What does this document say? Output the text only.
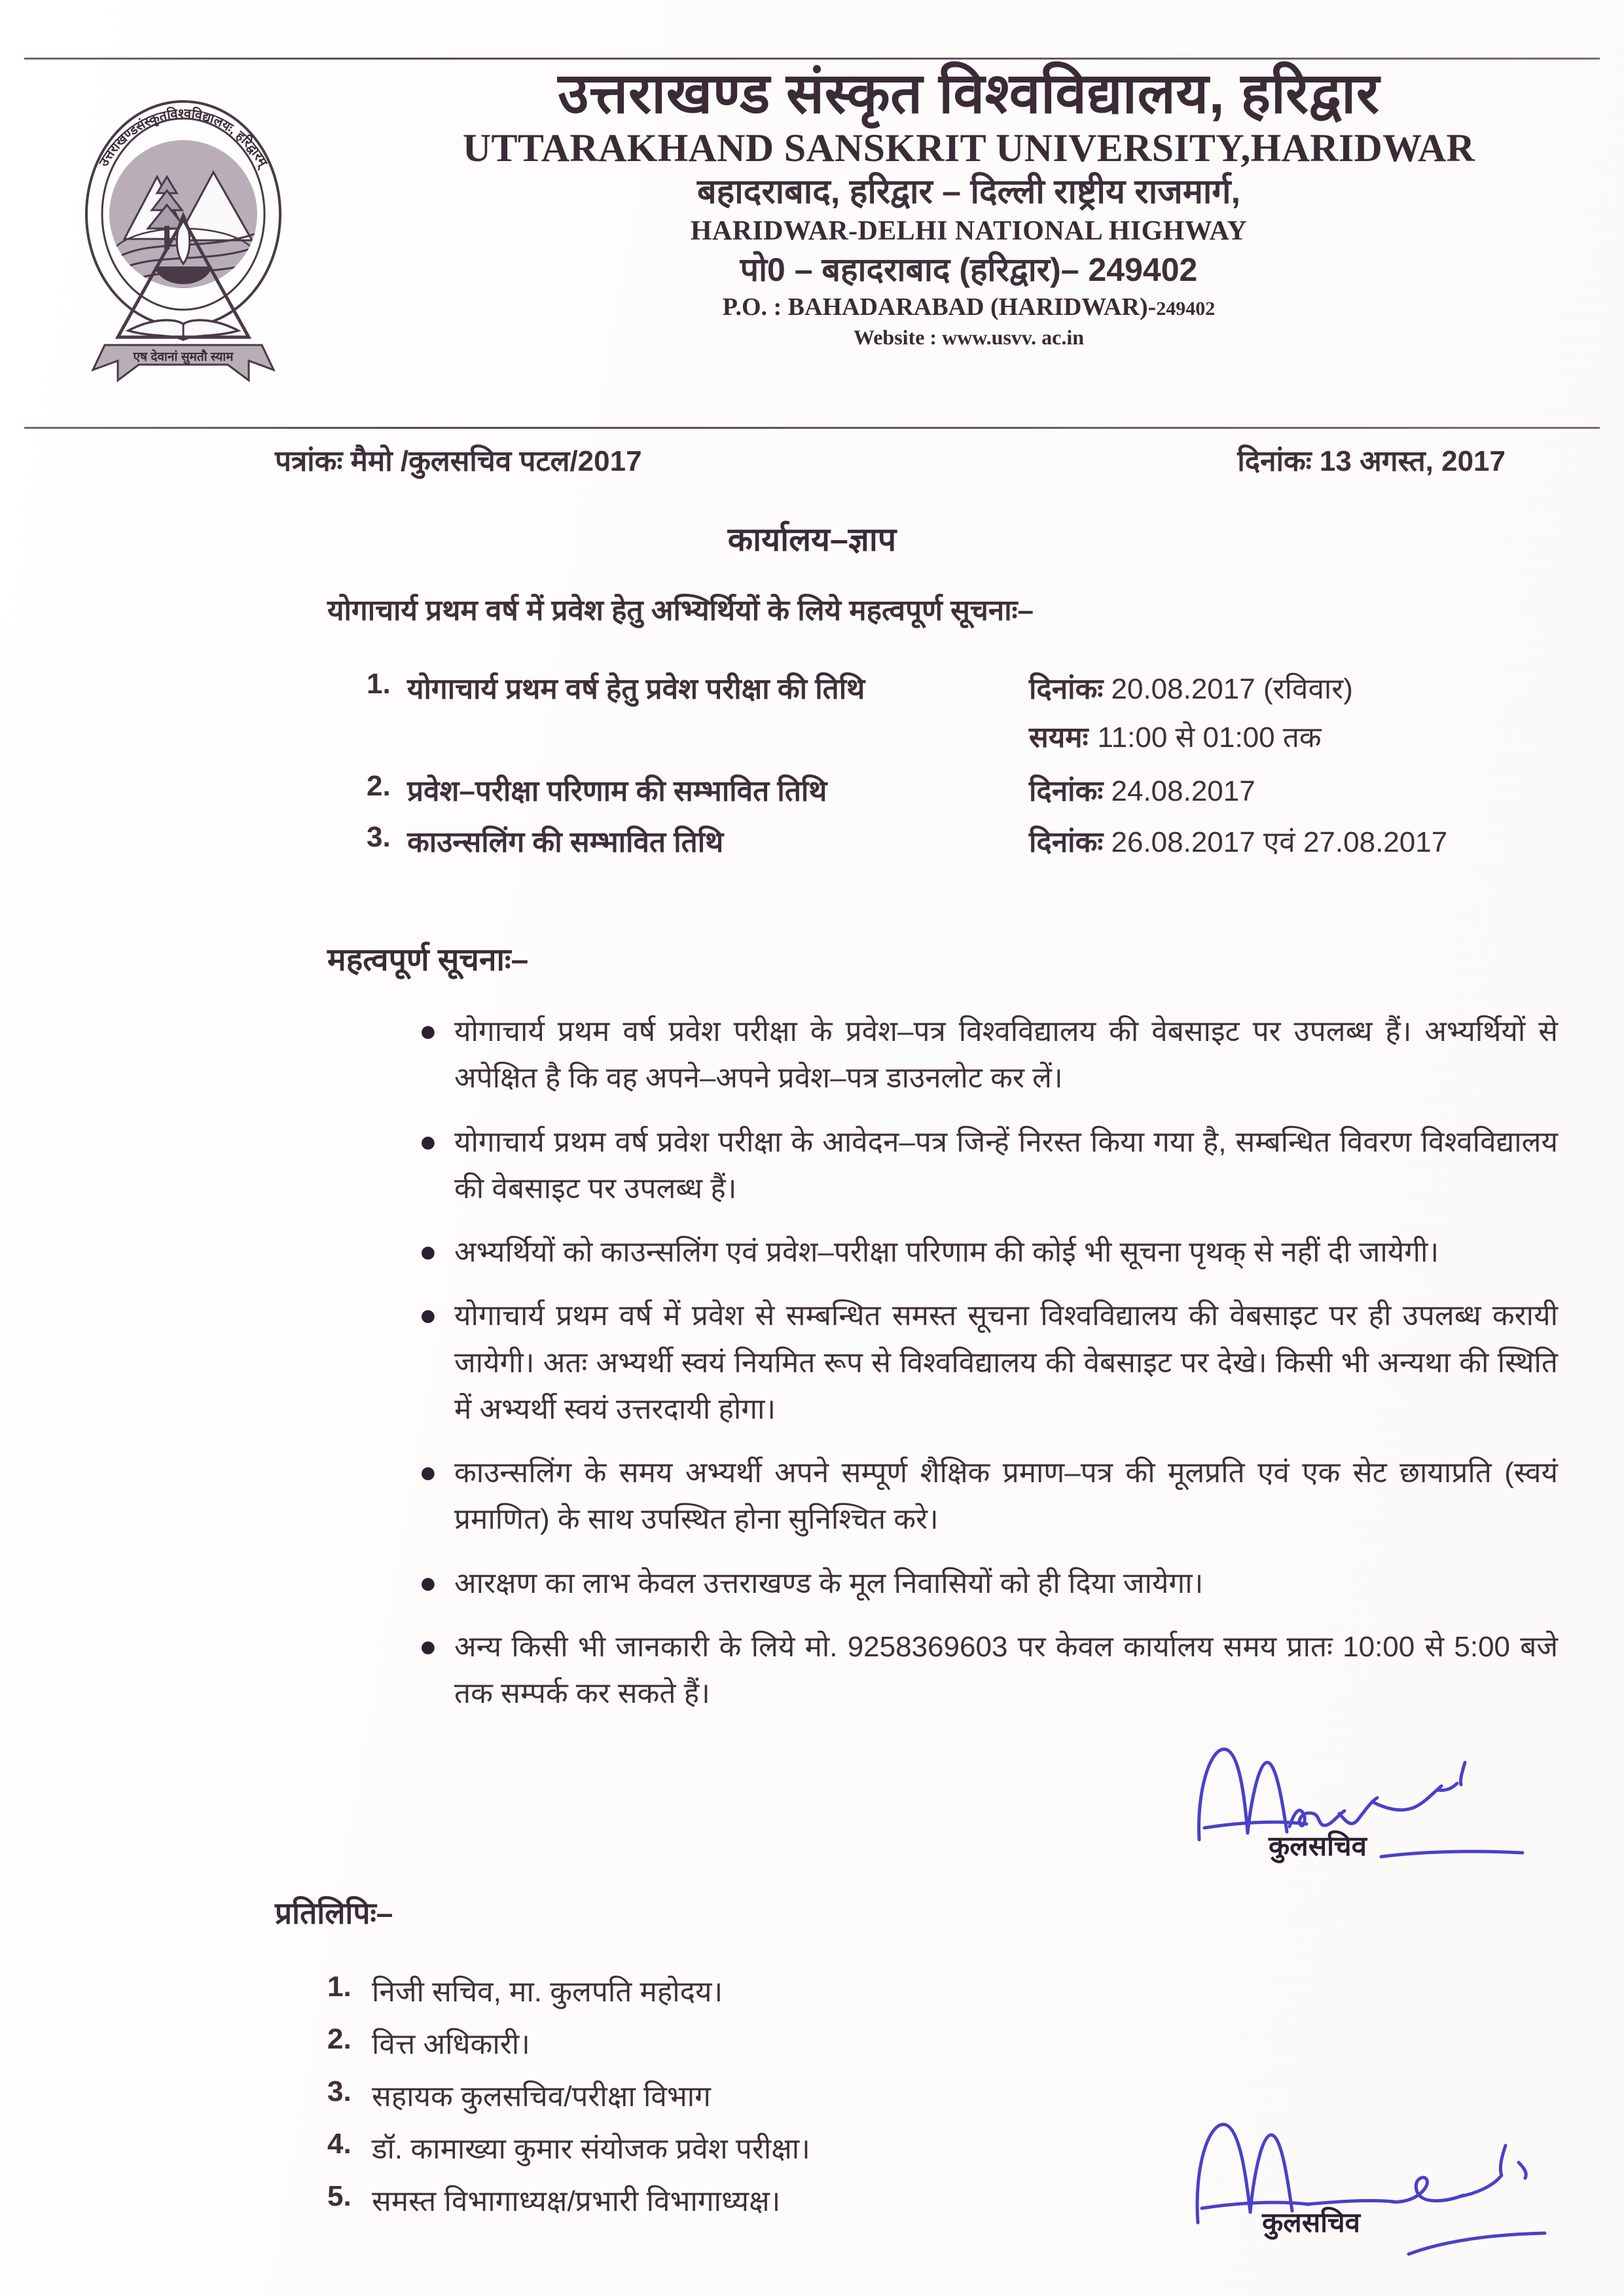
उत्तराखण्डसंस्कृतविश्वविद्यालयः, हरिद्वारम्
एष देवानां सुमतौ स्याम
उत्तराखण्ड संस्कृत विश्वविद्यालय, हरिद्वार
UTTARAKHAND SANSKRIT UNIVERSITY,HARIDWAR
बहादराबाद, हरिद्वार – दिल्ली राष्ट्रीय राजमार्ग,
HARIDWAR-DELHI NATIONAL HIGHWAY
पो0 – बहादराबाद (हरिद्वार)– 249402
P.O. : BAHADARABAD (HARIDWAR)-249402
Website : www.usvv. ac.in
पत्रांकः मैमो /कुलसचिव पटल/2017	दिनांकः 13 अगस्त, 2017
कार्यालय–ज्ञाप
योगाचार्य प्रथम वर्ष में प्रवेश हेतु अभ्यिर्थियों के लिये महत्वपूर्ण सूचनाः–
1. योगाचार्य प्रथम वर्ष हेतु प्रवेश परीक्षा की तिथि	दिनांकः 20.08.2017 (रविवार)
सयमः 11:00 से 01:00 तक
2. प्रवेश–परीक्षा परिणाम की सम्भावित तिथि	दिनांकः 24.08.2017
3. काउन्सलिंग की सम्भावित तिथि	दिनांकः 26.08.2017 एवं 27.08.2017
महत्वपूर्ण सूचनाः–
● योगाचार्य प्रथम वर्ष प्रवेश परीक्षा के प्रवेश–पत्र विश्वविद्यालय की वेबसाइट पर उपलब्ध हैं। अभ्यर्थियों से अपेक्षित है कि वह अपने–अपने प्रवेश–पत्र डाउनलोट कर लें।
● योगाचार्य प्रथम वर्ष प्रवेश परीक्षा के आवेदन–पत्र जिन्हें निरस्त किया गया है, सम्बन्धित विवरण विश्वविद्यालय की वेबसाइट पर उपलब्ध हैं।
● अभ्यर्थियों को काउन्सलिंग एवं प्रवेश–परीक्षा परिणाम की कोई भी सूचना पृथक् से नहीं दी जायेगी।
● योगाचार्य प्रथम वर्ष में प्रवेश से सम्बन्धित समस्त सूचना विश्वविद्यालय की वेबसाइट पर ही उपलब्ध करायी जायेगी। अतः अभ्यर्थी स्वयं नियमित रूप से विश्वविद्यालय की वेबसाइट पर देखे। किसी भी अन्यथा की स्थिति में अभ्यर्थी स्वयं उत्तरदायी होगा।
● काउन्सलिंग के समय अभ्यर्थी अपने सम्पूर्ण शैक्षिक प्रमाण–पत्र की मूलप्रति एवं एक सेट छायाप्रति (स्वयं प्रमाणित) के साथ उपस्थित होना सुनिश्चित करे।
● आरक्षण का लाभ केवल उत्तराखण्ड के मूल निवासियों को ही दिया जायेगा।
● अन्य किसी भी जानकारी के लिये मो. 9258369603 पर केवल कार्यालय समय प्रातः 10:00 से 5:00 बजे तक सम्पर्क कर सकते हैं।
कुलसचिव
प्रतिलिपिः–
1. निजी सचिव, मा. कुलपति महोदय।
2. वित्त अधिकारी।
3. सहायक कुलसचिव/परीक्षा विभाग
4. डॉ. कामाख्या कुमार संयोजक प्रवेश परीक्षा।
5. समस्त विभागाध्यक्ष/प्रभारी विभागाध्यक्ष।
कुलसचिव
